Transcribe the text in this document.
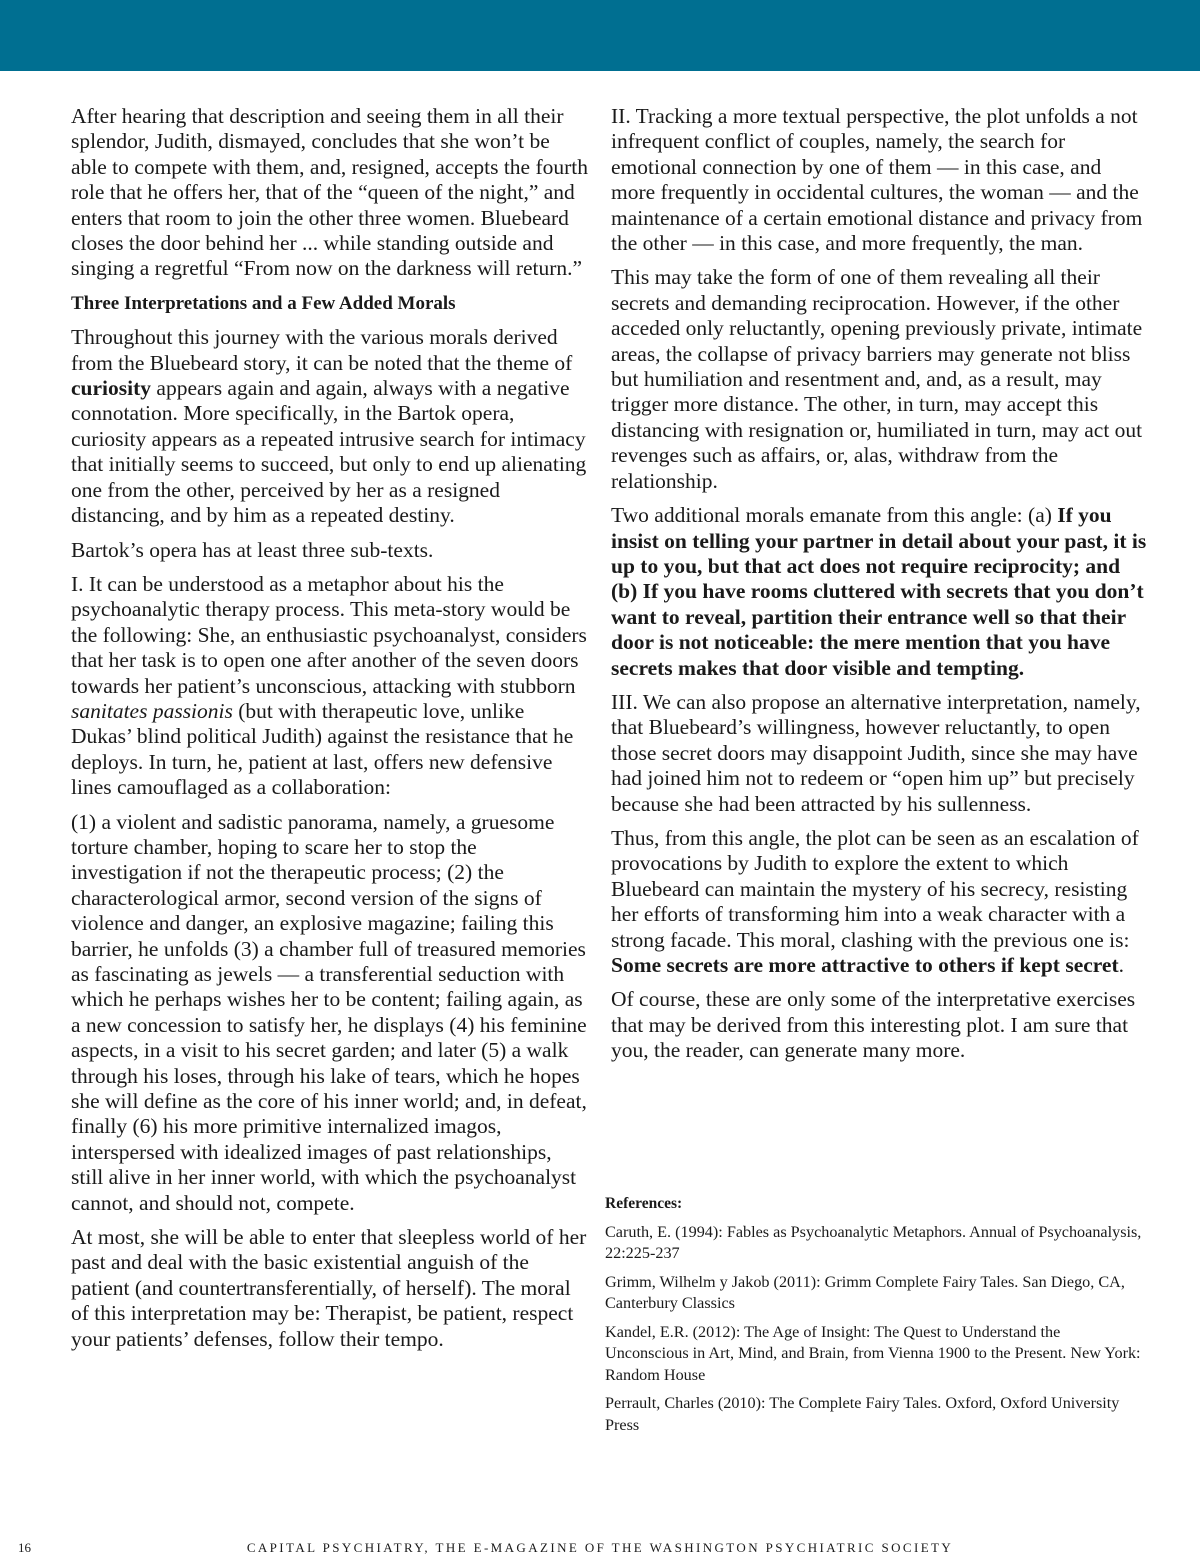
After hearing that description and seeing them in all their splendor, Judith, dismayed, concludes that she won’t be able to compete with them, and, resigned, accepts the fourth role that he offers her, that of the “queen of the night,” and enters that room to join the other three women. Bluebeard closes the door behind her ... while standing outside and singing a regretful “From now on the darkness will return.”

Three Interpretations and a Few Added Morals

Throughout this journey with the various morals derived from the Bluebeard story, it can be noted that the theme of curiosity appears again and again, always with a negative connotation. More specifically, in the Bartok opera, curiosity appears as a repeated intrusive search for intimacy that initially seems to succeed, but only to end up alienating one from the other, perceived by her as a resigned distancing, and by him as a repeated destiny.

Bartok’s opera has at least three sub-texts.

I. It can be understood as a metaphor about his the psychoanalytic therapy process. This meta-story would be the following: She, an enthusiastic psychoanalyst, considers that her task is to open one after another of the seven doors towards her patient’s unconscious, attacking with stubborn sanitates passionis (but with therapeutic love, unlike Dukas’ blind political Judith) against the resistance that he deploys. In turn, he, patient at last, offers new defensive lines camouflaged as a collaboration:

(1) a violent and sadistic panorama, namely, a gruesome torture chamber, hoping to scare her to stop the investigation if not the therapeutic process; (2) the characterological armor, second version of the signs of violence and danger, an explosive magazine; failing this barrier, he unfolds (3) a chamber full of treasured memories as fascinating as jewels — a transferential seduction with which he perhaps wishes her to be content; failing again, as a new concession to satisfy her, he displays (4) his feminine aspects, in a visit to his secret garden; and later (5) a walk through his loses, through his lake of tears, which he hopes she will define as the core of his inner world; and, in defeat, finally (6) his more primitive internalized imagos, interspersed with idealized images of past relationships, still alive in her inner world, with which the psychoanalyst cannot, and should not, compete.

At most, she will be able to enter that sleepless world of her past and deal with the basic existential anguish of the patient (and countertransferentially, of herself). The moral of this interpretation may be: Therapist, be patient, respect your patients’ defenses, follow their tempo.

II. Tracking a more textual perspective, the plot unfolds a not infrequent conflict of couples, namely, the search for emotional connection by one of them — in this case, and more frequently in occidental cultures, the woman — and the maintenance of a certain emotional distance and privacy from the other — in this case, and more frequently, the man.

This may take the form of one of them revealing all their secrets and demanding reciprocation. However, if the other acceded only reluctantly, opening previously private, intimate areas, the collapse of privacy barriers may generate not bliss but humiliation and resentment and, and, as a result, may trigger more distance. The other, in turn, may accept this distancing with resignation or, humiliated in turn, may act out revenges such as affairs, or, alas, withdraw from the relationship.

Two additional morals emanate from this angle: (a) If you insist on telling your partner in detail about your past, it is up to you, but that act does not require reciprocity; and (b) If you have rooms cluttered with secrets that you don’t want to reveal, partition their entrance well so that their door is not noticeable: the mere mention that you have secrets makes that door visible and tempting.

III. We can also propose an alternative interpretation, namely, that Bluebeard’s willingness, however reluctantly, to open those secret doors may disappoint Judith, since she may have had joined him not to redeem or “open him up” but precisely because she had been attracted by his sullenness.

Thus, from this angle, the plot can be seen as an escalation of provocations by Judith to explore the extent to which Bluebeard can maintain the mystery of his secrecy, resisting her efforts of transforming him into a weak character with a strong facade. This moral, clashing with the previous one is: Some secrets are more attractive to others if kept secret.

Of course, these are only some of the interpretative exercises that may be derived from this interesting plot. I am sure that you, the reader, can generate many more.

References:

Caruth, E. (1994): Fables as Psychoanalytic Metaphors. Annual of Psychoanalysis, 22:225-237

Grimm, Wilhelm y Jakob (2011): Grimm Complete Fairy Tales. San Diego, CA, Canterbury Classics

Kandel, E.R. (2012): The Age of Insight: The Quest to Understand the Unconscious in Art, Mind, and Brain, from Vienna 1900 to the Present. New York: Random House

Perrault, Charles (2010): The Complete Fairy Tales. Oxford, Oxford University Press

CAPITAL PSYCHIATRY, THE E-MAGAZINE OF THE WASHINGTON PSYCHIATRIC SOCIETY
16
